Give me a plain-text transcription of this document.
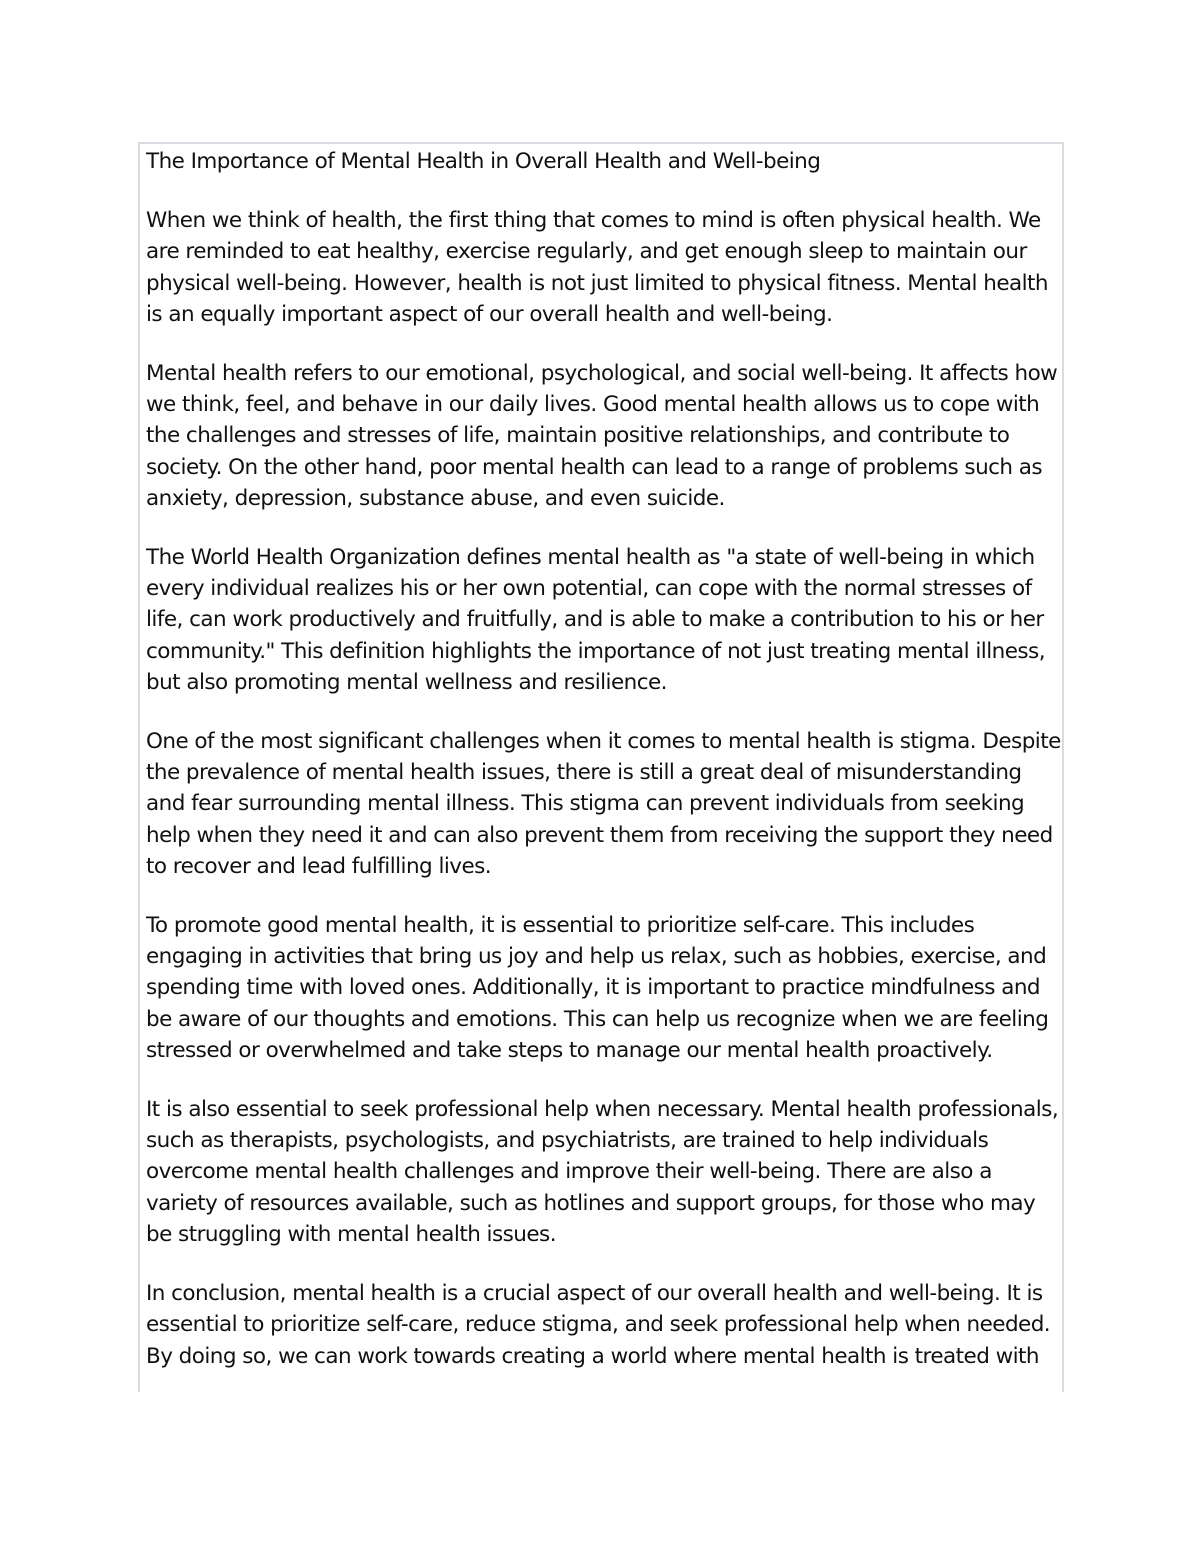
The Importance of Mental Health in Overall Health and Well-being

When we think of health, the first thing that comes to mind is often physical health. We are reminded to eat healthy, exercise regularly, and get enough sleep to maintain our physical well-being. However, health is not just limited to physical fitness. Mental health is an equally important aspect of our overall health and well-being.

Mental health refers to our emotional, psychological, and social well-being. It affects how we think, feel, and behave in our daily lives. Good mental health allows us to cope with the challenges and stresses of life, maintain positive relationships, and contribute to society. On the other hand, poor mental health can lead to a range of problems such as anxiety, depression, substance abuse, and even suicide.

The World Health Organization defines mental health as "a state of well-being in which every individual realizes his or her own potential, can cope with the normal stresses of life, can work productively and fruitfully, and is able to make a contribution to his or her community." This definition highlights the importance of not just treating mental illness, but also promoting mental wellness and resilience.

One of the most significant challenges when it comes to mental health is stigma. Despite the prevalence of mental health issues, there is still a great deal of misunderstanding and fear surrounding mental illness. This stigma can prevent individuals from seeking help when they need it and can also prevent them from receiving the support they need to recover and lead fulfilling lives.

To promote good mental health, it is essential to prioritize self-care. This includes engaging in activities that bring us joy and help us relax, such as hobbies, exercise, and spending time with loved ones. Additionally, it is important to practice mindfulness and be aware of our thoughts and emotions. This can help us recognize when we are feeling stressed or overwhelmed and take steps to manage our mental health proactively.

It is also essential to seek professional help when necessary. Mental health professionals, such as therapists, psychologists, and psychiatrists, are trained to help individuals overcome mental health challenges and improve their well-being. There are also a variety of resources available, such as hotlines and support groups, for those who may be struggling with mental health issues.

In conclusion, mental health is a crucial aspect of our overall health and well-being. It is essential to prioritize self-care, reduce stigma, and seek professional help when needed. By doing so, we can work towards creating a world where mental health is treated with
